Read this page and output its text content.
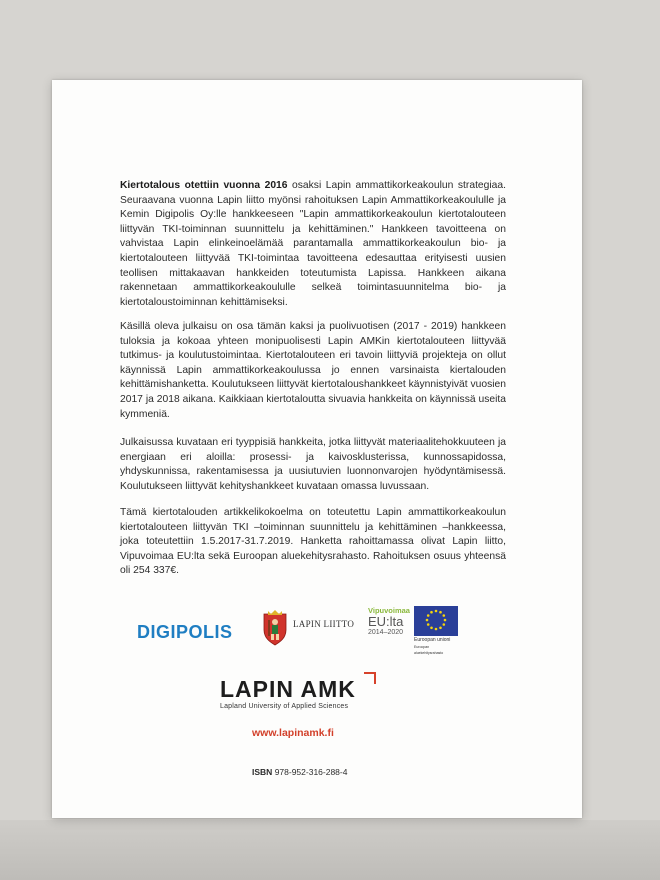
Kiertotalous otettiin vuonna 2016 osaksi Lapin ammattikorkeakoulun strategiaa. Seuraavana vuonna Lapin liitto myönsi rahoituksen Lapin Ammattikorkeakoululle ja Kemin Digipolis Oy:lle hankkeeseen "Lapin ammattikorkeakoulun kiertotalouteen liittyvän TKI-toiminnan suunnittelu ja kehittäminen." Hankkeen tavoitteena on vahvistaa Lapin elinkeinoelämää parantamalla ammattikorkeakoulun bio- ja kiertotalouteen liittyvää TKI-toimintaa tavoitteena edesauttaa erityisesti uusien teollisen mittakaavan hankkeiden toteutumista Lapissa. Hankkeen aikana rakennetaan ammattikorkeakoululle selkeä toimintasuunnitelma bio- ja kiertotaloustoiminnan kehittämiseksi.
Käsillä oleva julkaisu on osa tämän kaksi ja puolivuotisen (2017 - 2019) hankkeen tuloksia ja kokoaa yhteen monipuolisesti Lapin AMKin kiertotalouteen liittyvää tutkimus- ja koulutustoimintaa. Kiertotalouteen eri tavoin liittyviä projekteja on ollut käynnissä Lapin ammattikorkeakoulussa jo ennen varsinaista kiertalouden kehittämishanketta. Koulutukseen liittyvät kiertotaloushankkeet käynnistyivät vuosien 2017 ja 2018 aikana. Kaikkiaan kiertotaloutta sivuavia hankkeita on käynnissä useita kymmeniä.
Julkaisussa kuvataan eri tyyppisiä hankkeita, jotka liittyvät materiaalitehokkuuteen ja energiaan eri aloilla: prosessi- ja kaivosklusterissa, kunnossapidossa, yhdyskunnissa, rakentamisessa ja uusiutuvien luonnonvarojen hyödyntämisessä. Koulutukseen liittyvät kehityshankkeet kuvataan omassa luvussaan.
Tämä kiertotalouden artikkelikokoelma on toteutettu Lapin ammattikorkeakoulun kiertotalouteen liittyvän TKI –toiminnan suunnittelu ja kehittäminen –hankkeessa, joka toteutettiin 1.5.2017-31.7.2019. Hanketta rahoittamassa olivat Lapin liitto, Vipuvoimaa EU:lta sekä Euroopan aluekehitysrahasto. Rahoituksen osuus yhteensä oli 254 337€.
DIGIPOLIS	LAPIN LIITTO
Vipuvoimaa
EU:lta
2014–2020
Euroopan unioni
Euroopan aluekehitysrahasto
LAPIN AMK
Lapland University of Applied Sciences
www.lapinamk.fi
ISBN 978-952-316-288-4
